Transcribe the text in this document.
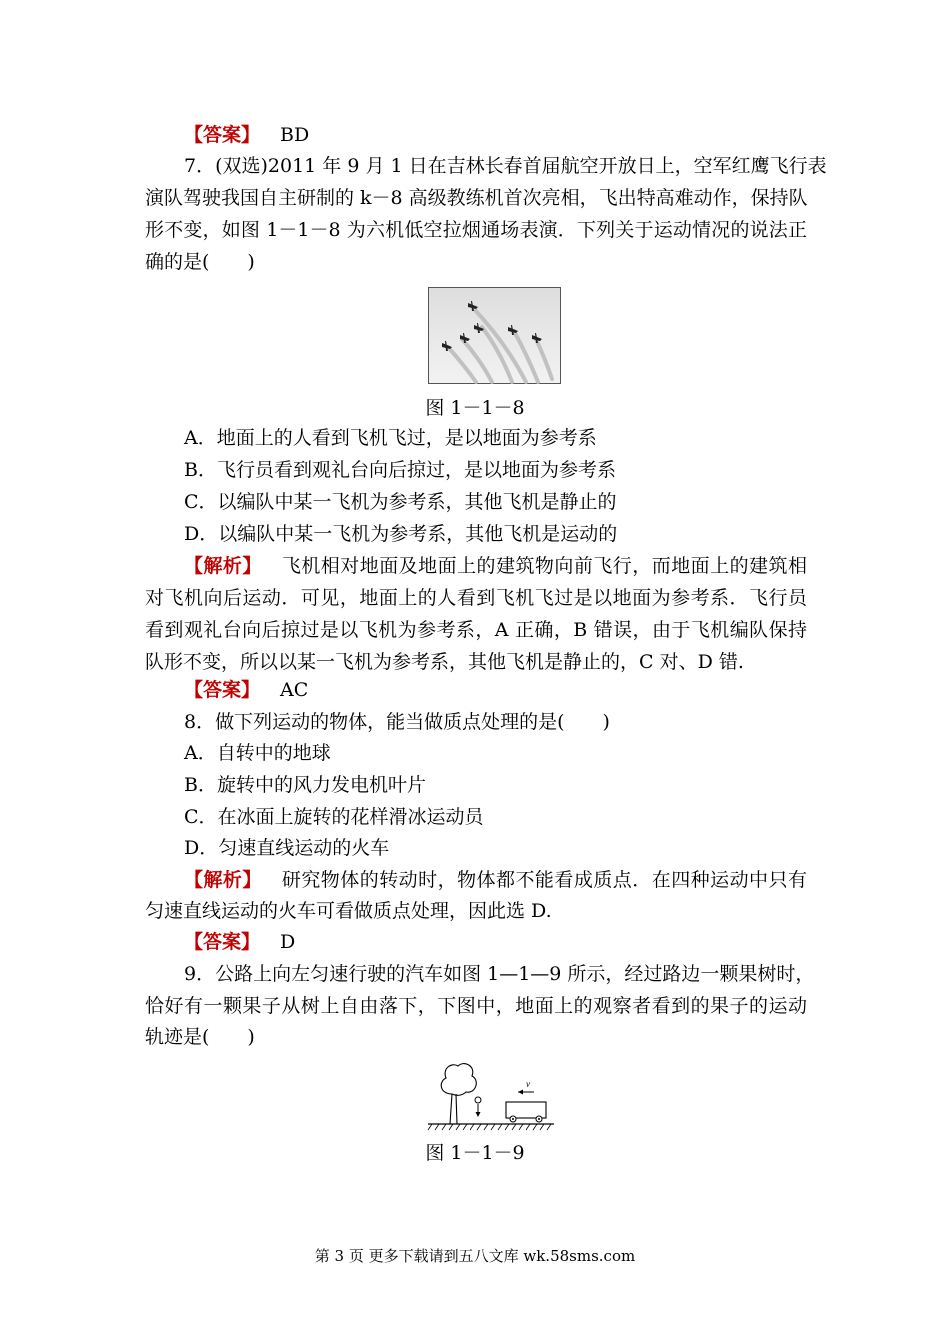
【答案】 BD
7．(双选)2011 年 9 月 1 日在吉林长春首届航空开放日上，空军红鹰飞行表
演队驾驶我国自主研制的 k－8 高级教练机首次亮相，飞出特高难动作，保持队
形不变，如图 1－1－8 为六机低空拉烟通场表演．下列关于运动情况的说法正
确的是(　　)
图 1－1－8
A．地面上的人看到飞机飞过，是以地面为参考系
B．飞行员看到观礼台向后掠过，是以地面为参考系
C．以编队中某一飞机为参考系，其他飞机是静止的
D．以编队中某一飞机为参考系，其他飞机是运动的
【解析】 飞机相对地面及地面上的建筑物向前飞行，而地面上的建筑相
对飞机向后运动．可见，地面上的人看到飞机飞过是以地面为参考系．飞行员
看到观礼台向后掠过是以飞机为参考系，A 正确，B 错误，由于飞机编队保持
队形不变，所以以某一飞机为参考系，其他飞机是静止的，C 对、D 错.
【答案】 AC
8．做下列运动的物体，能当做质点处理的是(　　)
A．自转中的地球
B．旋转中的风力发电机叶片
C．在冰面上旋转的花样滑冰运动员
D．匀速直线运动的火车
【解析】 研究物体的转动时，物体都不能看成质点．在四种运动中只有
匀速直线运动的火车可看做质点处理，因此选 D.
【答案】 D
9．公路上向左匀速行驶的汽车如图 1—1—9 所示，经过路边一颗果树时，
恰好有一颗果子从树上自由落下，下图中，地面上的观察者看到的果子的运动
轨迹是(　　)
v
图 1－1－9
第 3 页 更多下载请到五八文库 wk.58sms.com
